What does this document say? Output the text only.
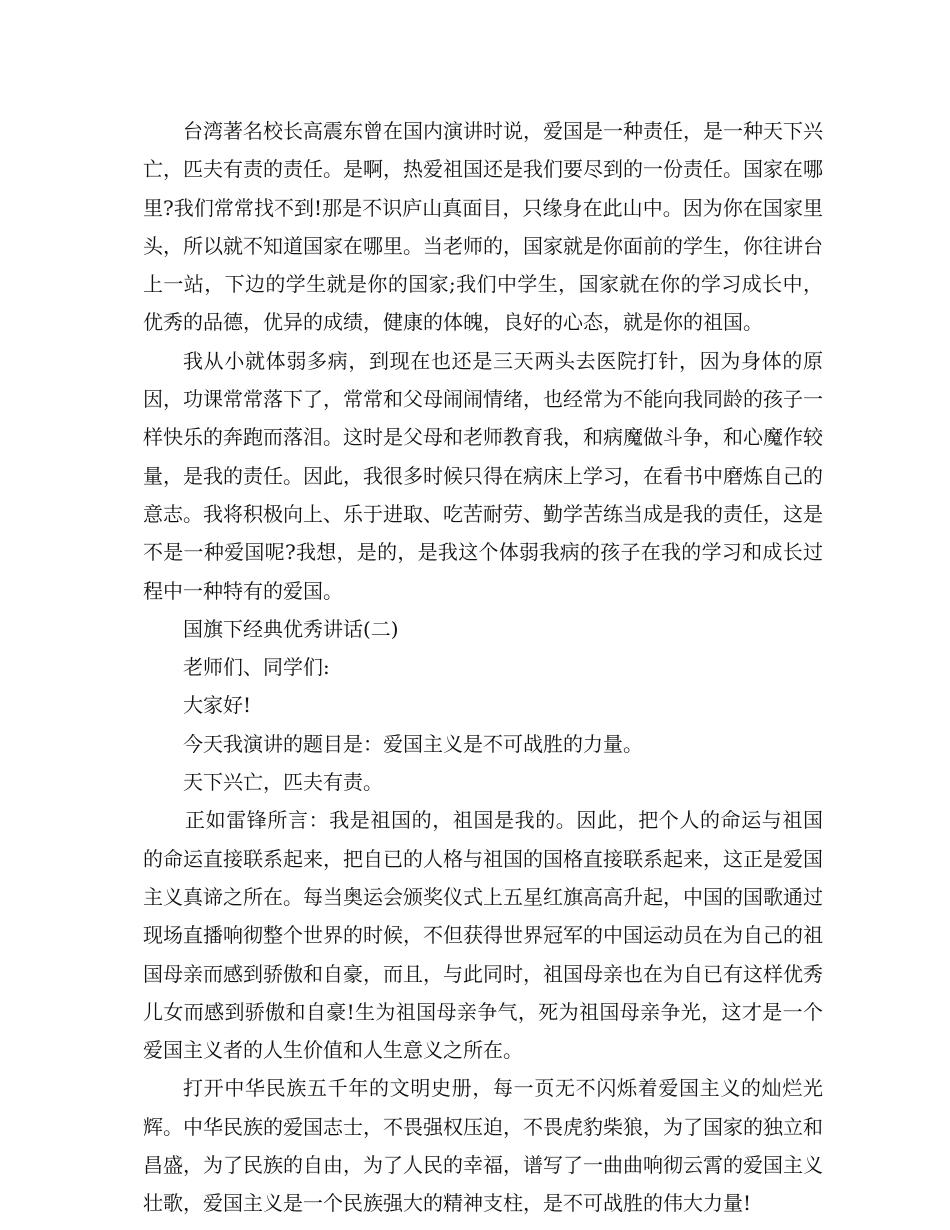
台湾著名校长高震东曾在国内演讲时说，爱国是一种责任，是一种天下兴亡，匹夫有责的责任。是啊，热爱祖国还是我们要尽到的一份责任。国家在哪里?我们常常找不到!那是不识庐山真面目，只缘身在此山中。因为你在国家里头，所以就不知道国家在哪里。当老师的，国家就是你面前的学生，你往讲台上一站，下边的学生就是你的国家;我们中学生，国家就在你的学习成长中，优秀的品德，优异的成绩，健康的体魄，良好的心态，就是你的祖国。

我从小就体弱多病，到现在也还是三天两头去医院打针，因为身体的原因，功课常常落下了，常常和父母闹闹情绪，也经常为不能向我同龄的孩子一样快乐的奔跑而落泪。这时是父母和老师教育我，和病魔做斗争，和心魔作较量，是我的责任。因此，我很多时候只得在病床上学习，在看书中磨炼自己的意志。我将积极向上、乐于进取、吃苦耐劳、勤学苦练当成是我的责任，这是不是一种爱国呢?我想，是的，是我这个体弱我病的孩子在我的学习和成长过程中一种特有的爱国。

国旗下经典优秀讲话(二)

老师们、同学们:

大家好!

今天我演讲的题目是：爱国主义是不可战胜的力量。

天下兴亡，匹夫有责。

正如雷锋所言：我是祖国的，祖国是我的。因此，把个人的命运与祖国的命运直接联系起来，把自已的人格与祖国的国格直接联系起来，这正是爱国主义真谛之所在。每当奥运会颁奖仪式上五星红旗高高升起，中国的国歌通过现场直播响彻整个世界的时候，不但获得世界冠军的中国运动员在为自己的祖国母亲而感到骄傲和自豪，而且，与此同时，祖国母亲也在为自已有这样优秀儿女而感到骄傲和自豪!生为祖国母亲争气，死为祖国母亲争光，这才是一个爱国主义者的人生价值和人生意义之所在。

打开中华民族五千年的文明史册，每一页无不闪烁着爱国主义的灿烂光辉。中华民族的爱国志士，不畏强权压迫，不畏虎豹柴狼，为了国家的独立和昌盛，为了民族的自由，为了人民的幸福，谱写了一曲曲响彻云霄的爱国主义壮歌，爱国主义是一个民族强大的精神支柱，是不可战胜的伟大力量!
